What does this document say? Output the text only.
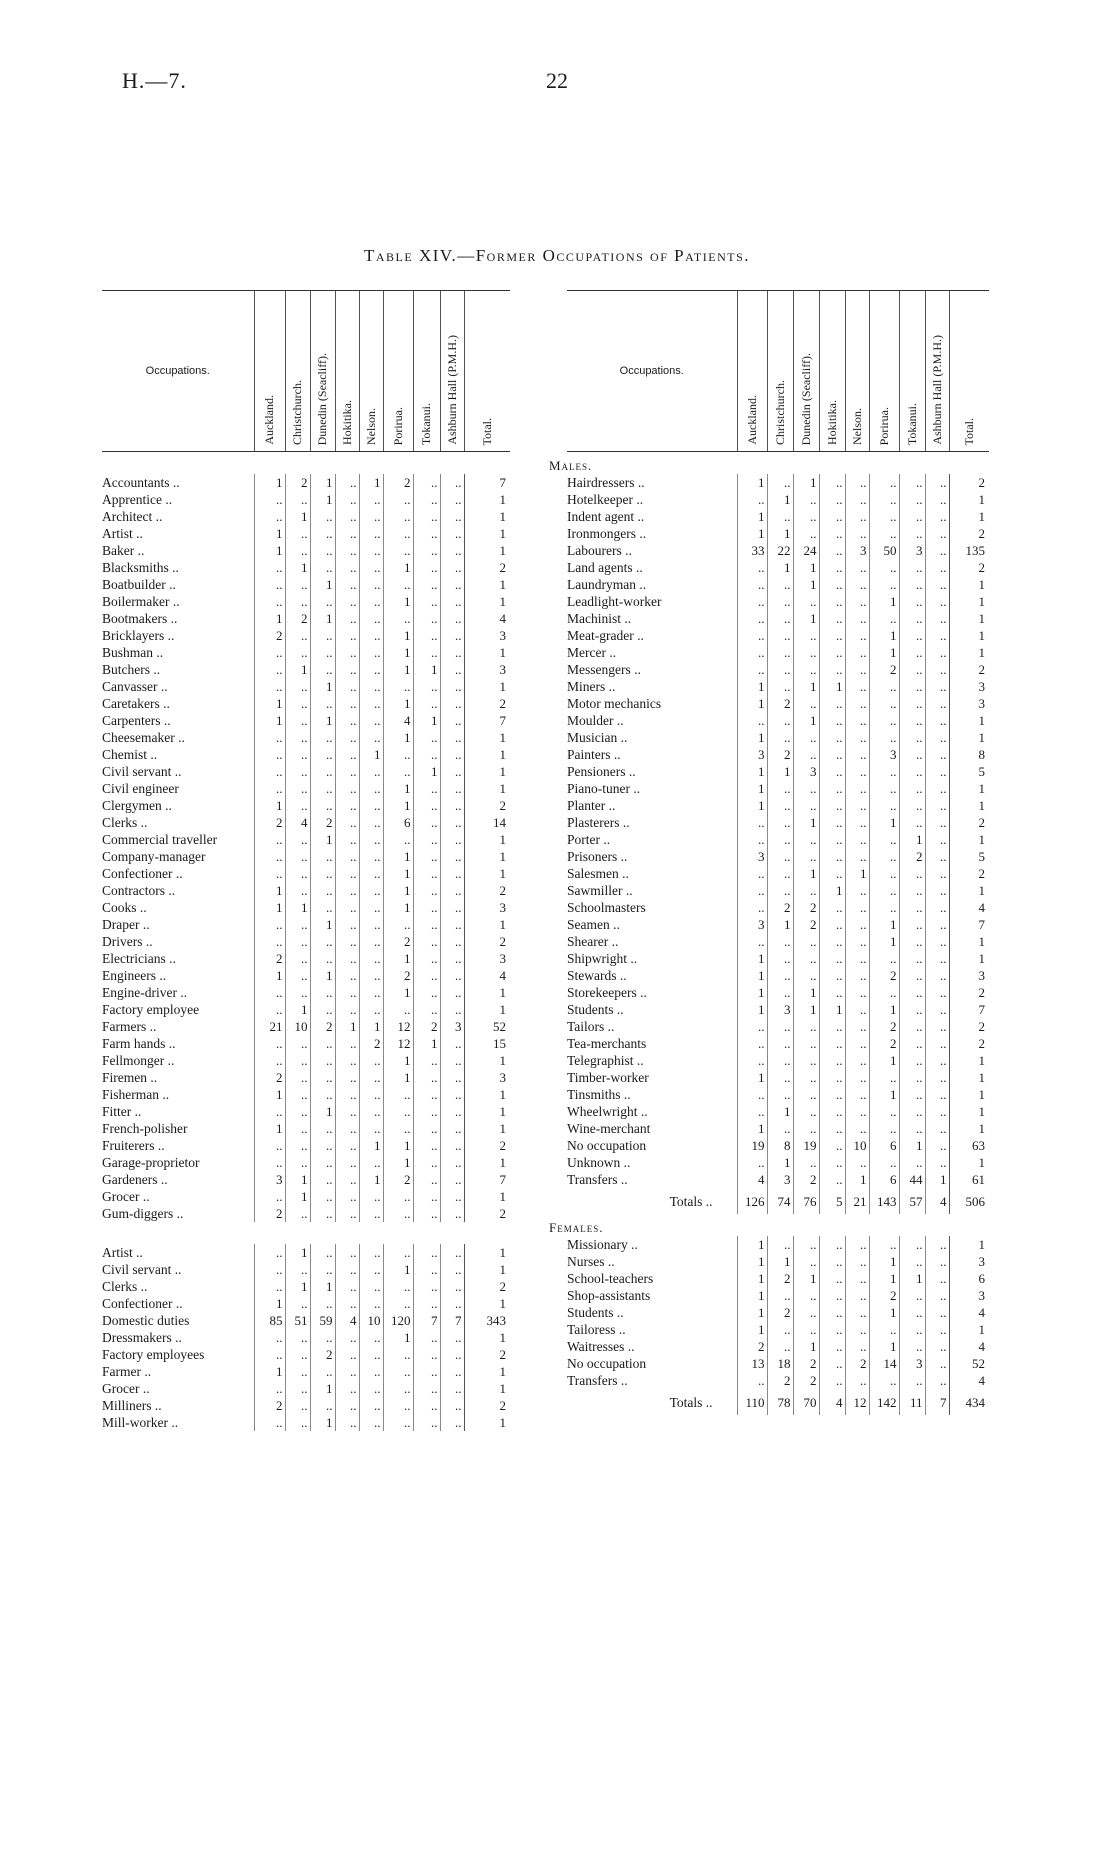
H.—7.	22
Table XIV.—Former Occupations of Patients.
Occupations.	Auckland.	Christchurch.	Dunedin (Seacliff).	Hokitika.	Nelson.	Porirua.	Tokanui.	Ashburn Hall (P.M.H.)	Total.

Accountants ..	1	2	1	..	1	2	..	..	7
Apprentice ..	..	..	1	..	..	..	..	..	1
Architect ..	..	1	..	..	..	..	..	..	1
Artist ..	1	..	..	..	..	..	..	..	1
Baker ..	1	..	..	..	..	..	..	..	1
Blacksmiths ..	..	1	..	..	..	1	..	..	2
Boatbuilder ..	..	..	1	..	..	..	..	..	1
Boilermaker ..	..	..	..	..	..	1	..	..	1
Bootmakers ..	1	2	1	..	..	..	..	..	4
Bricklayers ..	2	..	..	..	..	1	..	..	3
Bushman ..	..	..	..	..	..	1	..	..	1
Butchers ..	..	1	..	..	..	1	1	..	3
Canvasser ..	..	..	1	..	..	..	..	..	1
Caretakers ..	1	..	..	..	..	1	..	..	2
Carpenters ..	1	..	1	..	..	4	1	..	7
Cheesemaker ..	..	..	..	..	..	1	..	..	1
Chemist ..	..	..	..	..	1	..	..	..	1
Civil servant ..	..	..	..	..	..	..	1	..	1
Civil engineer	..	..	..	..	..	1	..	..	1
Clergymen ..	1	..	..	..	..	1	..	..	2
Clerks ..	2	4	2	..	..	6	..	..	14
Commercial traveller	..	..	1	..	..	..	..	..	1
Company-manager	..	..	..	..	..	1	..	..	1
Confectioner ..	..	..	..	..	..	1	..	..	1
Contractors ..	1	..	..	..	..	1	..	..	2
Cooks ..	1	1	..	..	..	1	..	..	3
Draper ..	..	..	1	..	..	..	..	..	1
Drivers ..	..	..	..	..	..	2	..	..	2
Electricians ..	2	..	..	..	..	1	..	..	3
Engineers ..	1	..	1	..	..	2	..	..	4
Engine-driver ..	..	..	..	..	..	1	..	..	1
Factory employee	..	1	..	..	..	..	..	..	1
Farmers ..	21	10	2	1	1	12	2	3	52
Farm hands ..	..	..	..	..	2	12	1	..	15
Fellmonger ..	..	..	..	..	..	1	..	..	1
Firemen ..	2	..	..	..	..	1	..	..	3
Fisherman ..	1	..	..	..	..	..	..	..	1
Fitter ..	..	..	1	..	..	..	..	..	1
French-polisher	1	..	..	..	..	..	..	..	1
Fruiterers ..	..	..	..	..	1	1	..	..	2
Garage-proprietor	..	..	..	..	..	1	..	..	1
Gardeners ..	3	1	..	..	1	2	..	..	7
Grocer ..	..	1	..	..	..	..	..	..	1
Gum-diggers ..	2	..	..	..	..	..	..	..	2

Artist ..	..	1	..	..	..	..	..	..	1
Civil servant ..	..	..	..	..	..	1	..	..	1
Clerks ..	..	1	1	..	..	..	..	..	2
Confectioner ..	1	..	..	..	..	..	..	..	1
Domestic duties	85	51	59	4	10	120	7	7	343
Dressmakers ..	..	..	..	..	..	1	..	..	1
Factory employees	..	..	2	..	..	..	..	..	2
Farmer ..	1	..	..	..	..	..	..	..	1
Grocer ..	..	..	1	..	..	..	..	..	1
Milliners ..	2	..	..	..	..	..	..	..	2
Mill-worker ..	..	..	1	..	..	..	..	..	1
Occupations.	Auckland.	Christchurch.	Dunedin (Seacliff).	Hokitika.	Nelson.	Porirua.	Tokanui.	Ashburn Hall (P.M.H.)	Total.

Males.
Hairdressers ..	1	..	1	..	..	..	..	..	2
Hotelkeeper ..	..	1	..	..	..	..	..	..	1
Indent agent ..	1	..	..	..	..	..	..	..	1
Ironmongers ..	1	1	..	..	..	..	..	..	2
Labourers ..	33	22	24	..	3	50	3	..	135
Land agents ..	..	1	1	..	..	..	..	..	2
Laundryman ..	..	..	1	..	..	..	..	..	1
Leadlight-worker	..	..	..	..	..	1	..	..	1
Machinist ..	..	..	1	..	..	..	..	..	1
Meat-grader ..	..	..	..	..	..	1	..	..	1
Mercer ..	..	..	..	..	..	1	..	..	1
Messengers ..	..	..	..	..	..	2	..	..	2
Miners ..	1	..	1	1	..	..	..	..	3
Motor mechanics	1	2	..	..	..	..	..	..	3
Moulder ..	..	..	1	..	..	..	..	..	1
Musician ..	1	..	..	..	..	..	..	..	1
Painters ..	3	2	..	..	..	3	..	..	8
Pensioners ..	1	1	3	..	..	..	..	..	5
Piano-tuner ..	1	..	..	..	..	..	..	..	1
Planter ..	1	..	..	..	..	..	..	..	1
Plasterers ..	..	..	1	..	..	1	..	..	2
Porter ..	..	..	..	..	..	..	1	..	1
Prisoners ..	3	..	..	..	..	..	2	..	5
Salesmen ..	..	..	1	..	1	..	..	..	2
Sawmiller ..	..	..	..	1	..	..	..	..	1
Schoolmasters	..	2	2	..	..	..	..	..	4
Seamen ..	3	1	2	..	..	1	..	..	7
Shearer ..	..	..	..	..	..	1	..	..	1
Shipwright ..	1	..	..	..	..	..	..	..	1
Stewards ..	1	..	..	..	..	2	..	..	3
Storekeepers ..	1	..	1	..	..	..	..	..	2
Students ..	1	3	1	1	..	1	..	..	7
Tailors ..	..	..	..	..	..	2	..	..	2
Tea-merchants	..	..	..	..	..	2	..	..	2
Telegraphist ..	..	..	..	..	..	1	..	..	1
Timber-worker	1	..	..	..	..	..	..	..	1
Tinsmiths ..	..	..	..	..	..	1	..	..	1
Wheelwright ..	..	1	..	..	..	..	..	..	1
Wine-merchant	1	..	..	..	..	..	..	..	1
No occupation	19	8	19	..	10	6	1	..	63
Unknown ..	..	1	..	..	..	..	..	..	1
Transfers ..	4	3	2	..	1	6	44	1	61
Totals ..	126	74	76	5	21	143	57	4	506
Females.
Missionary ..	1	..	..	..	..	..	..	..	1
Nurses ..	1	1	..	..	..	1	..	..	3
School-teachers	1	2	1	..	..	1	1	..	6
Shop-assistants	1	..	..	..	..	2	..	..	3
Students ..	1	2	..	..	..	1	..	..	4
Tailoress ..	1	..	..	..	..	..	..	..	1
Waitresses ..	2	..	1	..	..	1	..	..	4
No occupation	13	18	2	..	2	14	3	..	52
Transfers ..	..	2	2	..	..	..	..	..	4
Totals ..	110	78	70	4	12	142	11	7	434
